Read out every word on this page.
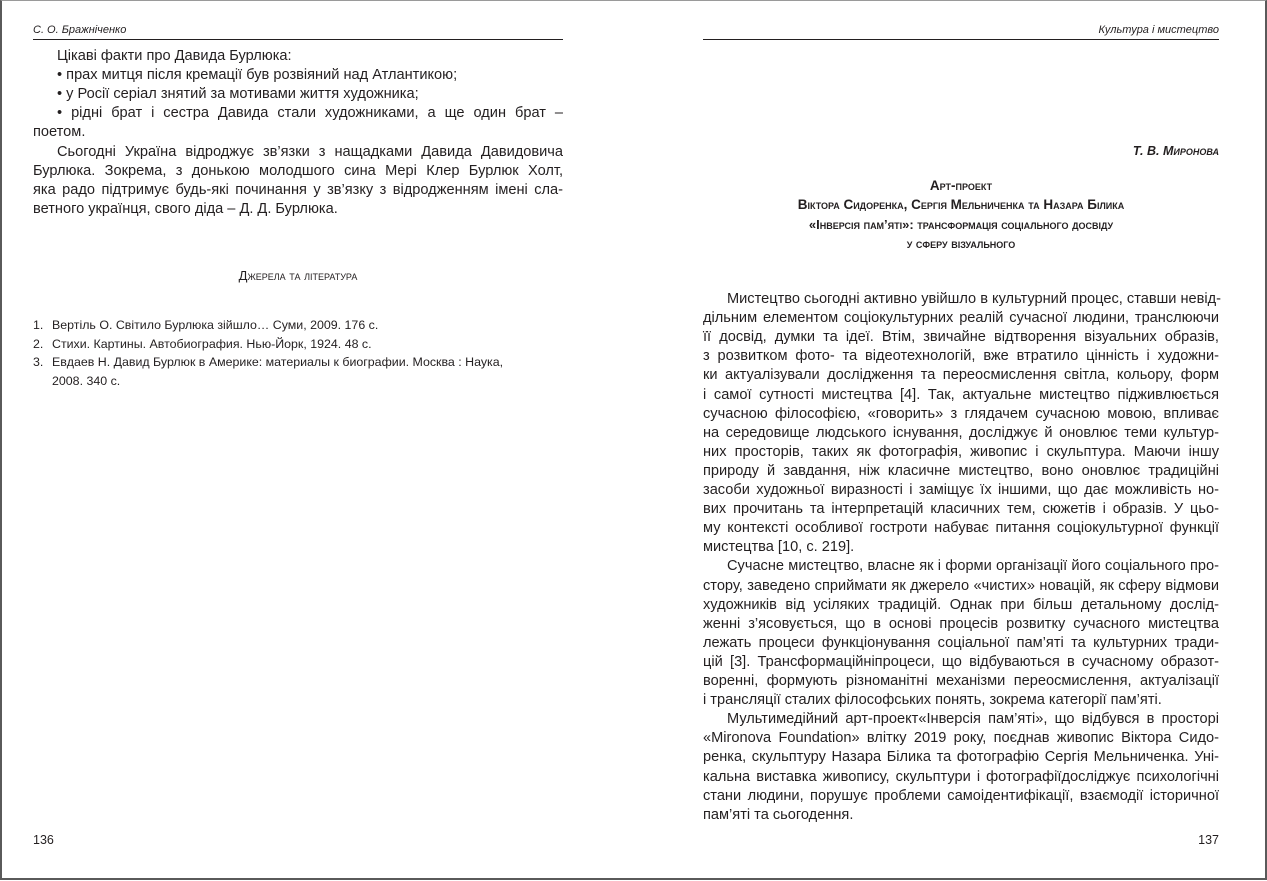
С. О. Бражніченко
Цікаві факти про Давида Бурлюка:
• прах митця після кремації був розвіяний над Атлантикою;
• у Росії серіал знятий за мотивами життя художника;
• рідні брат і сестра Давида стали художниками, а ще один брат –
поетом.
Сьогодні Україна відроджує зв’язки з нащадками Давида Давидовича
Бурлюка. Зокрема, з донькою молодшого сина Мері Клер Бурлюк Холт,
яка радо підтримує будь-які починання у зв’язку з відродженням імені сла-
ветного українця, свого діда – Д. Д. Бурлюка.
Джерела та література
1. Вертіль О. Світило Бурлюка зійшло… Суми, 2009. 176 с.
2. Стихи. Картины. Автобиография. Нью-Йорк, 1924. 48 с.
3. Евдаев Н. Давид Бурлюк в Америке: материалы к биографии. Москва : Наука,
2008. 340 с.
136
Культура і мистецтво
Т. В. Миронова
Арт-проект
Віктора Сидоренка, Сергія Мельниченка та Назара Білика
«Інверсія пам’яті»: трансформація соціального досвіду
у сферу візуального
Мистецтво сьогодні активно увійшло в культурний процес, ставши невід-
дільним елементом соціокультурних реалій сучасної людини, транслюючи
її досвід, думки та ідеї. Втім, звичайне відтворення візуальних образів,
з розвитком фото- та відеотехнологій, вже втратило цінність і художни-
ки актуалізували дослідження та переосмислення світла, кольору, форм
і самої сутності мистецтва [4]. Так, актуальне мистецтво підживлюється
сучасною філософією, «говорить» з глядачем сучасною мовою, впливає
на середовище людського існування, досліджує й оновлює теми культур-
них просторів, таких як фотографія, живопис і скульптура. Маючи іншу
природу й завдання, ніж класичне мистецтво, воно оновлює традиційні
засоби художньої виразності і заміщує їх іншими, що дає можливість но-
вих прочитань та інтерпретацій класичних тем, сюжетів і образів. У цьо-
му контексті особливої гостроти набуває питання соціокультурної функції
мистецтва [10, с. 219].
Сучасне мистецтво, власне як і форми організації його соціального про-
стору, заведено сприймати як джерело «чистих» новацій, як сферу відмови
художників від усіляких традицій. Однак при більш детальному дослід-
женні з’ясовується, що в основі процесів розвитку сучасного мистецтва
лежать процеси функціонування соціальної пам’яті та культурних тради-
цій [3]. Трансформаційніпроцеси, що відбуваються в сучасному образот-
воренні, формують різноманітні механізми переосмислення, актуалізації
і трансляції сталих філософських понять, зокрема категорії пам’яті.
Мультимедійний арт-проект«Інверсія пам’яті», що відбувся в просторі
«Mironova Foundation» влітку 2019 року, поєднав живопис Віктора Сидо-
ренка, скульптуру Назара Білика та фотографію Сергія Мельниченка. Уні-
кальна виставка живопису, скульптури і фотографіїдосліджує психологічні
стани людини, порушує проблеми самоідентифікації, взаємодії історичної
пам’яті та сьогодення.
137
